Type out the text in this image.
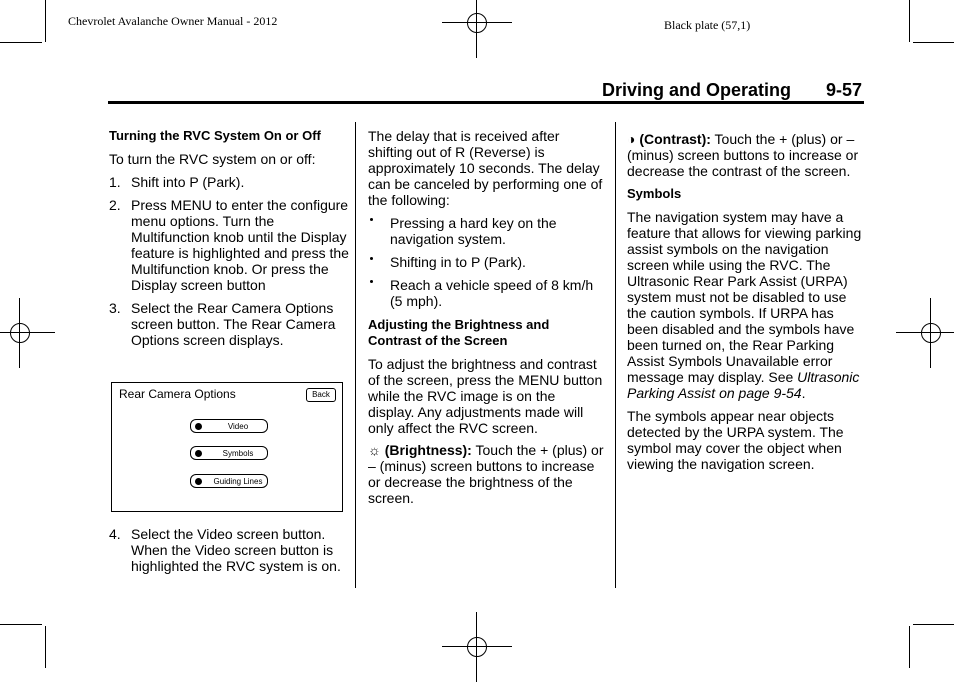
Chevrolet Avalanche Owner Manual - 2012	Black plate (57,1)
Driving and Operating 9-57

Turning the RVC System On or Off

To turn the RVC system on or off:

1. Shift into P (Park).
2. Press MENU to enter the configure menu options. Turn the Multifunction knob until the Display feature is highlighted and press the Multifunction knob. Or press the Display screen button
3. Select the Rear Camera Options screen button. The Rear Camera Options screen displays.
Rear Camera Options	Back
Video
Symbols
Guiding Lines
4. Select the Video screen button. When the Video screen button is highlighted the RVC system is on.

The delay that is received after shifting out of R (Reverse) is approximately 10 seconds. The delay can be canceled by performing one of the following:

Pressing a hard key on the navigation system.
Shifting in to P (Park).
Reach a vehicle speed of 8 km/h (5 mph).

Adjusting the Brightness and Contrast of the Screen

To adjust the brightness and contrast of the screen, press the MENU button while the RVC image is on the display. Any adjustments made will only affect the RVC screen.

☼ (Brightness): Touch the + (plus) or – (minus) screen buttons to increase or decrease the brightness of the screen.

◑ (Contrast): Touch the + (plus) or – (minus) screen buttons to increase or decrease the contrast of the screen.

Symbols

The navigation system may have a feature that allows for viewing parking assist symbols on the navigation screen while using the RVC. The Ultrasonic Rear Park Assist (URPA) system must not be disabled to use the caution symbols. If URPA has been disabled and the symbols have been turned on, the Rear Parking Assist Symbols Unavailable error message may display. See Ultrasonic Parking Assist on page 9-54.

The symbols appear near objects detected by the URPA system. The symbol may cover the object when viewing the navigation screen.
